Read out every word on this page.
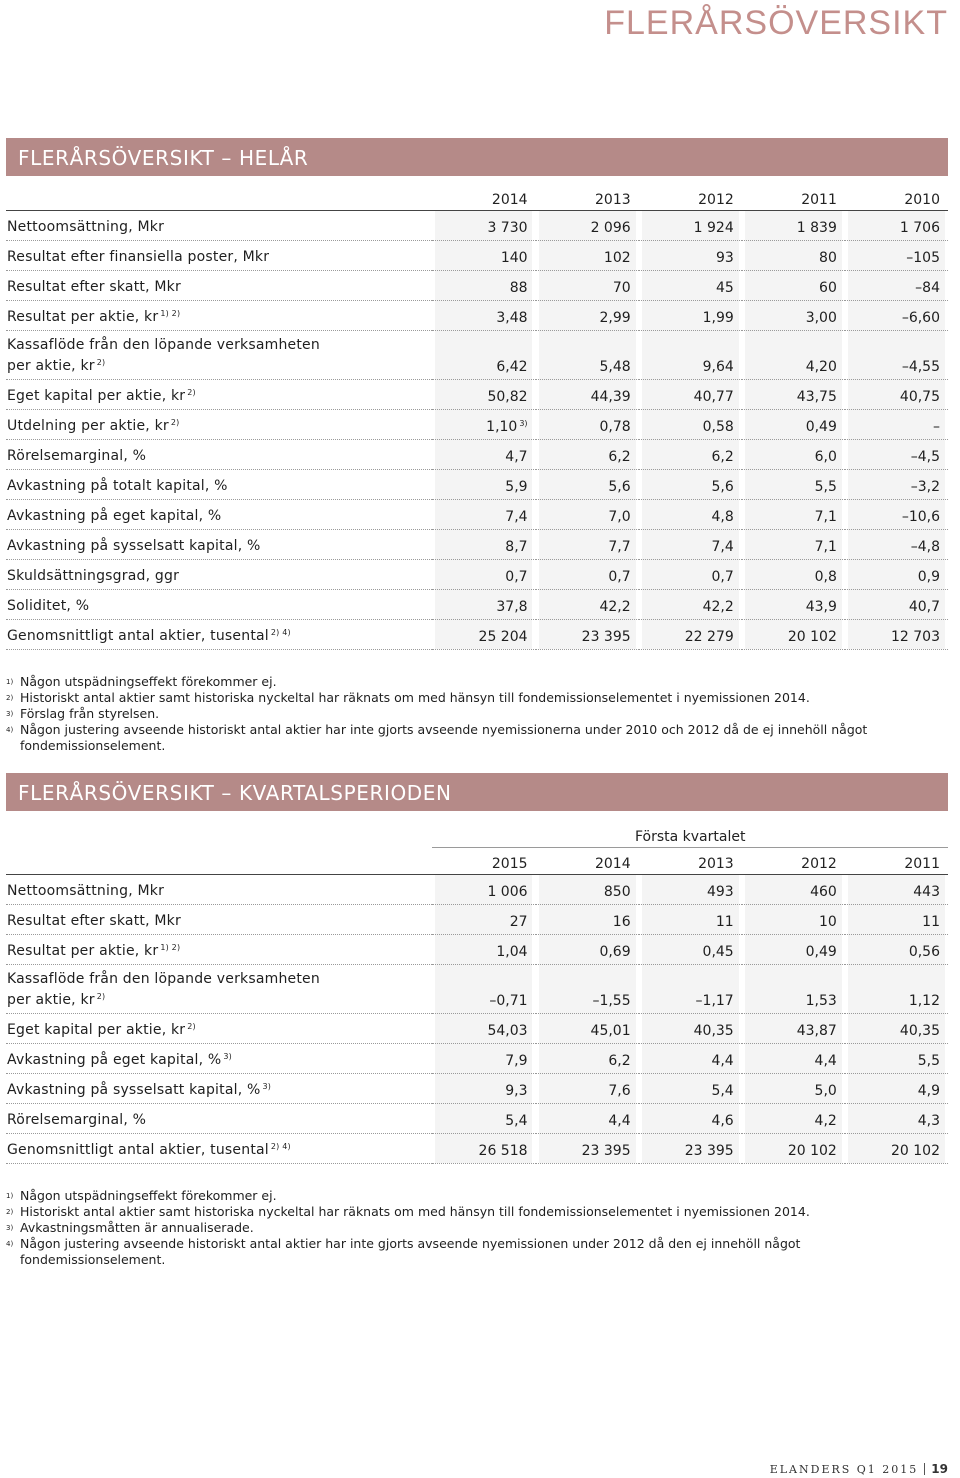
FLERÅRSÖVERSIKT
FLERÅRSÖVERSIKT – HELÅR
	2014	2013	2012	2011	2010
Nettoomsättning, Mkr	3 730	2 096	1 924	1 839	1 706
Resultat efter finansiella poster, Mkr	140	102	93	80	–105
Resultat efter skatt, Mkr	88	70	45	60	–84
Resultat per aktie, kr $^{1) 2)}$	3,48	2,99	1,99	3,00	–6,60
Kassaflöde från den löpande verksamheten
per aktie, kr $^{2)}$	6,42	5,48	9,64	4,20	–4,55
Eget kapital per aktie, kr $^{2)}$	50,82	44,39	40,77	43,75	40,75
Utdelning per aktie, kr $^{2)}$	1,10 $^{3)}$	0,78	0,58	0,49	–
Rörelsemarginal, %	4,7	6,2	6,2	6,0	–4,5
Avkastning på totalt kapital, %	5,9	5,6	5,6	5,5	–3,2
Avkastning på eget kapital, %	7,4	7,0	4,8	7,1	–10,6
Avkastning på sysselsatt kapital, %	8,7	7,7	7,4	7,1	–4,8
Skuldsättningsgrad, ggr	0,7	0,7	0,7	0,8	0,9
Soliditet, %	37,8	42,2	42,2	43,9	40,7
Genomsnittligt antal aktier, tusental $^{2) 4)}$	25 204	23 395	22 279	20 102	12 703
1) Någon utspädningseffekt förekommer ej.
2) Historiskt antal aktier samt historiska nyckeltal har räknats om med hänsyn till fondemissionselementet i nyemissionen 2014.
3) Förslag från styrelsen.
4) Någon justering avseende historiskt antal aktier har inte gjorts avseende nyemissionerna under 2010 och 2012 då de ej innehöll något fondemissionselement.
FLERÅRSÖVERSIKT – KVARTALSPERIODEN
	Första kvartalet				
	2015	2014	2013	2012	2011
Nettoomsättning, Mkr	1 006	850	493	460	443
Resultat efter skatt, Mkr	27	16	11	10	11
Resultat per aktie, kr $^{1) 2)}$	1,04	0,69	0,45	0,49	0,56
Kassaflöde från den löpande verksamheten
per aktie, kr $^{2)}$	–0,71	–1,55	–1,17	1,53	1,12
Eget kapital per aktie, kr $^{2)}$	54,03	45,01	40,35	43,87	40,35
Avkastning på eget kapital, % $^{3)}$	7,9	6,2	4,4	4,4	5,5
Avkastning på sysselsatt kapital, % $^{3)}$	9,3	7,6	5,4	5,0	4,9
Rörelsemarginal, %	5,4	4,4	4,6	4,2	4,3
Genomsnittligt antal aktier, tusental $^{2) 4)}$	26 518	23 395	23 395	20 102	20 102
1) Någon utspädningseffekt förekommer ej.
2) Historiskt antal aktier samt historiska nyckeltal har räknats om med hänsyn till fondemissionselementet i nyemissionen 2014.
3) Avkastningsmåtten är annualiserade.
4) Någon justering avseende historiskt antal aktier har inte gjorts avseende nyemissionen under 2012 då den ej innehöll något fondemissionselement.
ELANDERS Q1 2015 19
